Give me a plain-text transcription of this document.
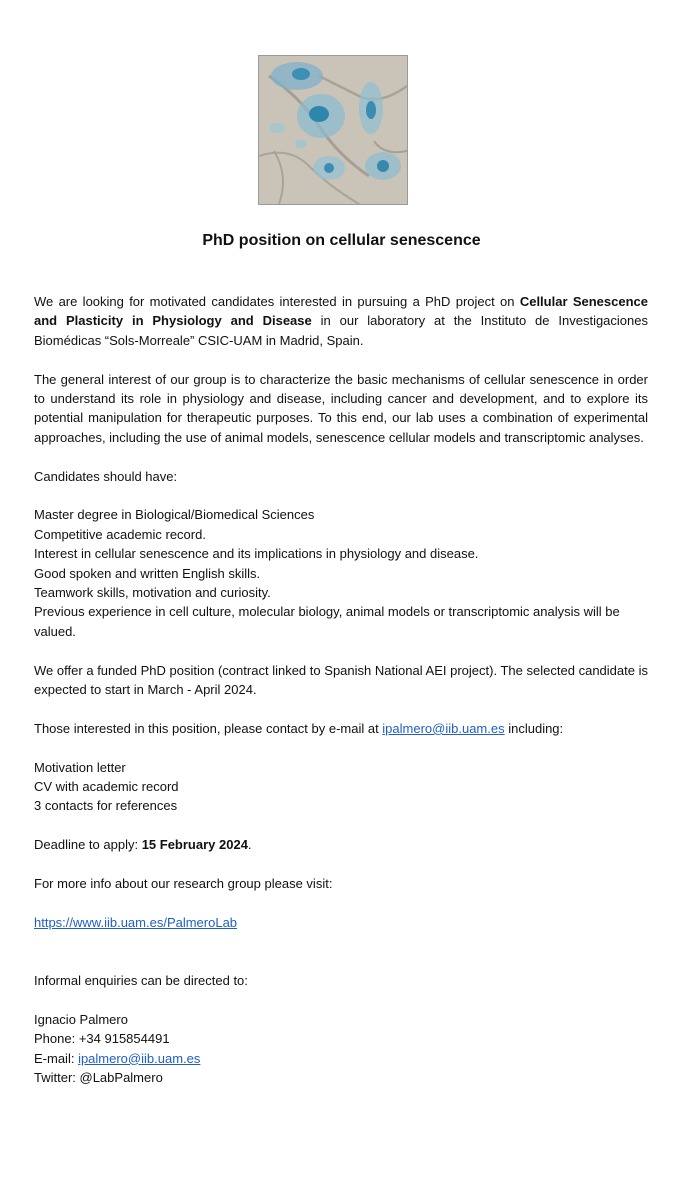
PhD position on cellular senescence

We are looking for motivated candidates interested in pursuing a PhD project on Cellular Senescence and Plasticity in Physiology and Disease in our laboratory at the Instituto de Investigaciones Biomédicas “Sols-Morreale” CSIC-UAM in Madrid, Spain.

The general interest of our group is to characterize the basic mechanisms of cellular senescence in order to understand its role in physiology and disease, including cancer and development, and to explore its potential manipulation for therapeutic purposes. To this end, our lab uses a combination of experimental approaches, including the use of animal models, senescence cellular models and transcriptomic analyses.

Candidates should have:

Master degree in Biological/Biomedical Sciences
Competitive academic record.
Interest in cellular senescence and its implications in physiology and disease.
Good spoken and written English skills.
Teamwork skills, motivation and curiosity.
Previous experience in cell culture, molecular biology, animal models or transcriptomic analysis will be valued.

We offer a funded PhD position (contract linked to Spanish National AEI project). The selected candidate is expected to start in March - April 2024.

Those interested in this position, please contact by e-mail at ipalmero@iib.uam.es including:

Motivation letter
CV with academic record
3 contacts for references

Deadline to apply: 15 February 2024.

For more info about our research group please visit:

https://www.iib.uam.es/PalmeroLab

Informal enquiries can be directed to:

Ignacio Palmero
Phone: +34 915854491
E-mail: ipalmero@iib.uam.es
Twitter: @LabPalmero
